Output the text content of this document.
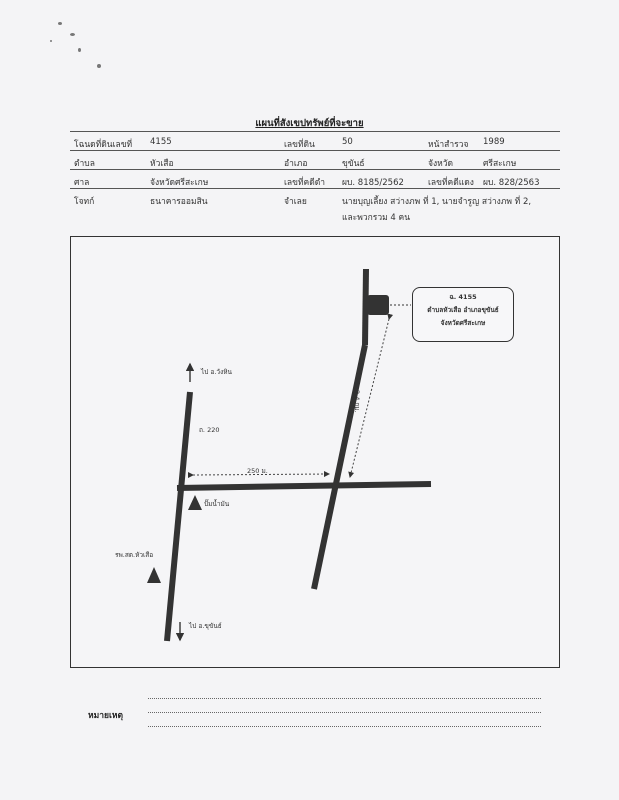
แผนที่สังเขปทรัพย์ที่จะขาย
โฉนดที่ดินเลขที่ 4155	เลขที่ดิน	50	หน้าสำรวจ 1989
ตำบล	หัวเสือ	อำเภอ	ขุขันธ์	จังหวัด	ศรีสะเกษ
ศาล	จังหวัดศรีสะเกษ	เลขที่คดีดำ ผบ. 8185/2562	เลขที่คดีแดง ผบ. 828/2563
โจทก์	ธนาคารออมสิน	จำเลย	นายบุญเลี้ยง สว่างภพ ที่ 1, นายจำรูญ สว่างภพ ที่ 2,
และพวกรวม 4 คน
ไป อ.วังหิน
ถ. 220
250 ม.
2.4 กม.
ปั๊มน้ำมัน
รพ.สต.หัวเสือ
ไป อ.ขุขันธ์
ฉ. 4155
ตำบลหัวเสือ อำเภอขุขันธ์
จังหวัดศรีสะเกษ
หมายเหตุ
